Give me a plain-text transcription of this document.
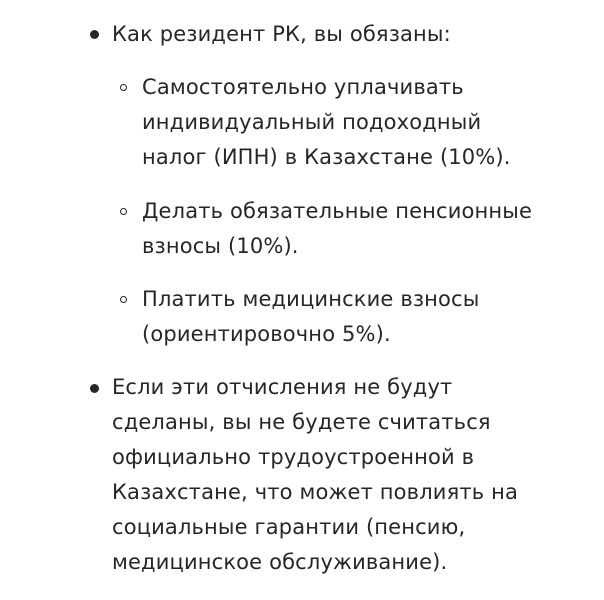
Как резидент РК, вы обязаны:
Самостоятельно уплачивать
индивидуальный подоходный
налог (ИПН) в Казахстане (10%).
Делать обязательные пенсионные
взносы (10%).
Платить медицинские взносы
(ориентировочно 5%).
Если эти отчисления не будут
сделаны, вы не будете считаться
официально трудоустроенной в
Казахстане, что может повлиять на
социальные гарантии (пенсию,
медицинское обслуживание).
